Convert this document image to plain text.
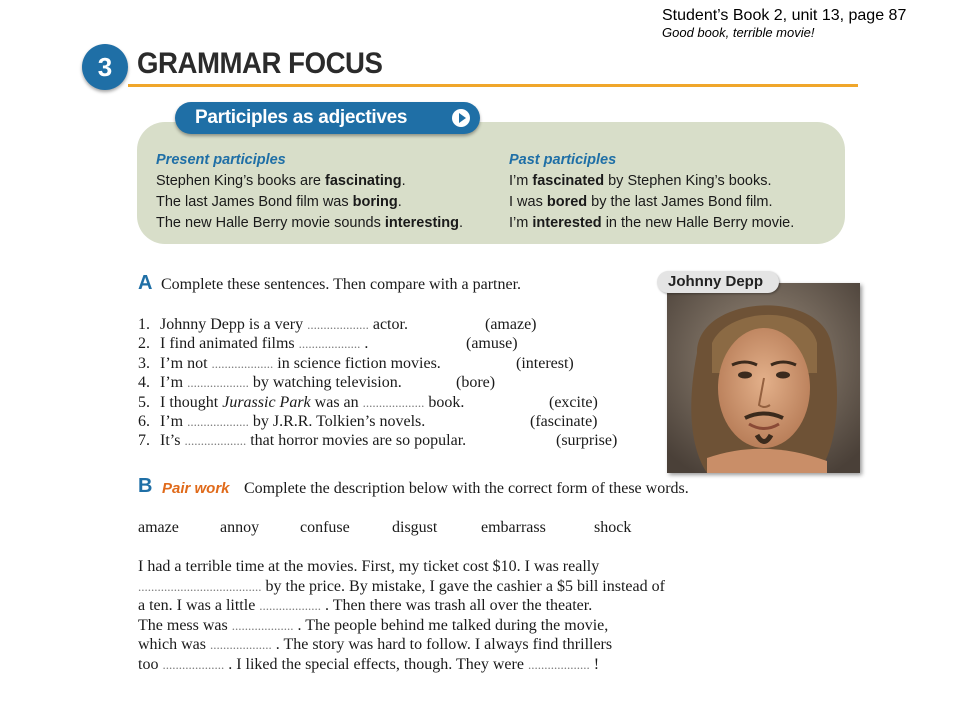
Student’s Book 2, unit 13, page 87
Good book, terrible movie!
3 GRAMMAR FOCUS
Participles as adjectives
Present participles
Stephen King’s books are fascinating.
The last James Bond film was boring.
The new Halle Berry movie sounds interesting.
Past participles
I’m fascinated by Stephen King’s books.
I was bored by the last James Bond film.
I’m interested in the new Halle Berry movie.
A Complete these sentences. Then compare with a partner.
1. Johnny Depp is a very ................... actor.	(amaze)
2. I find animated films ................... .	(amuse)
3. I’m not ................... in science fiction movies.	(interest)
4. I’m ................... by watching television.	(bore)
5. I thought Jurassic Park was an ................... book.	(excite)
6. I’m ................... by J.R.R. Tolkien’s novels.	(fascinate)
7. It’s ................... that horror movies are so popular.	(surprise)
Johnny Depp
B Pair work Complete the description below with the correct form of these words.
amaze	annoy	confuse	disgust	embarrass	shock
I had a terrible time at the movies. First, my ticket cost $10. I was really
...................................... by the price. By mistake, I gave the cashier a $5 bill instead of
a ten. I was a little ................... . Then there was trash all over the theater.
The mess was ................... . The people behind me talked during the movie,
which was ................... . The story was hard to follow. I always find thrillers
too ................... . I liked the special effects, though. They were ................... !
